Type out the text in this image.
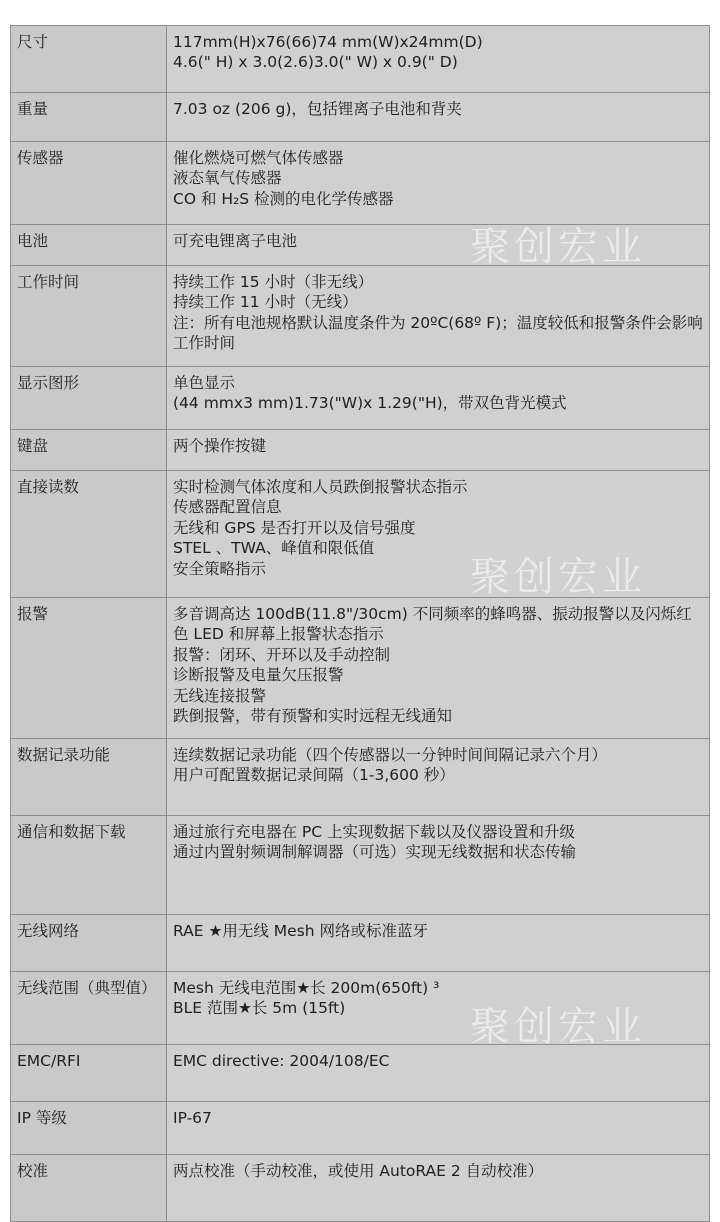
尺寸	117mm(H)x76(66)74 mm(W)x24mm(D)
4.6(" H) x 3.0(2.6)3.0(" W) x 0.9(" D)

重量	7.03 oz (206 g)，包括锂离子电池和背夹

传感器	催化燃烧可燃气体传感器
液态氧气传感器
CO 和 H₂S 检测的电化学传感器

电池	可充电锂离子电池

工作时间	持续工作 15 小时（非无线）
持续工作 11 小时（无线）
注：所有电池规格默认温度条件为 20ºC(68º F)；温度较低和报警条件会影响工作时间

显示图形	单色显示
(44 mmx3 mm)1.73("W)x 1.29("H)，带双色背光模式

键盘	两个操作按键

直接读数	实时检测气体浓度和人员跌倒报警状态指示
传感器配置信息
无线和 GPS 是否打开以及信号强度
STEL 、TWA、峰值和限低值
安全策略指示

报警	多音调高达 100dB(11.8"/30cm) 不同频率的蜂鸣器、振动报警以及闪烁红色 LED 和屏幕上报警状态指示
报警：闭环、开环以及手动控制
诊断报警及电量欠压报警
无线连接报警
跌倒报警，带有预警和实时远程无线通知

数据记录功能	连续数据记录功能（四个传感器以一分钟时间间隔记录六个月）
用户可配置数据记录间隔（1-3,600 秒）

通信和数据下载	通过旅行充电器在 PC 上实现数据下载以及仪器设置和升级
通过内置射频调制解调器（可选）实现无线数据和状态传输

无线网络	RAE ★用无线 Mesh 网络或标准蓝牙

无线范围（典型值）	Mesh 无线电范围★长 200m(650ft) ³
BLE 范围★长 5m (15ft)

EMC/RFI	EMC directive: 2004/108/EC

IP 等级	IP-67

校准	两点校准（手动校准，或使用 AutoRAE 2 自动校准）
聚创宏业
聚创宏业
聚创宏业
